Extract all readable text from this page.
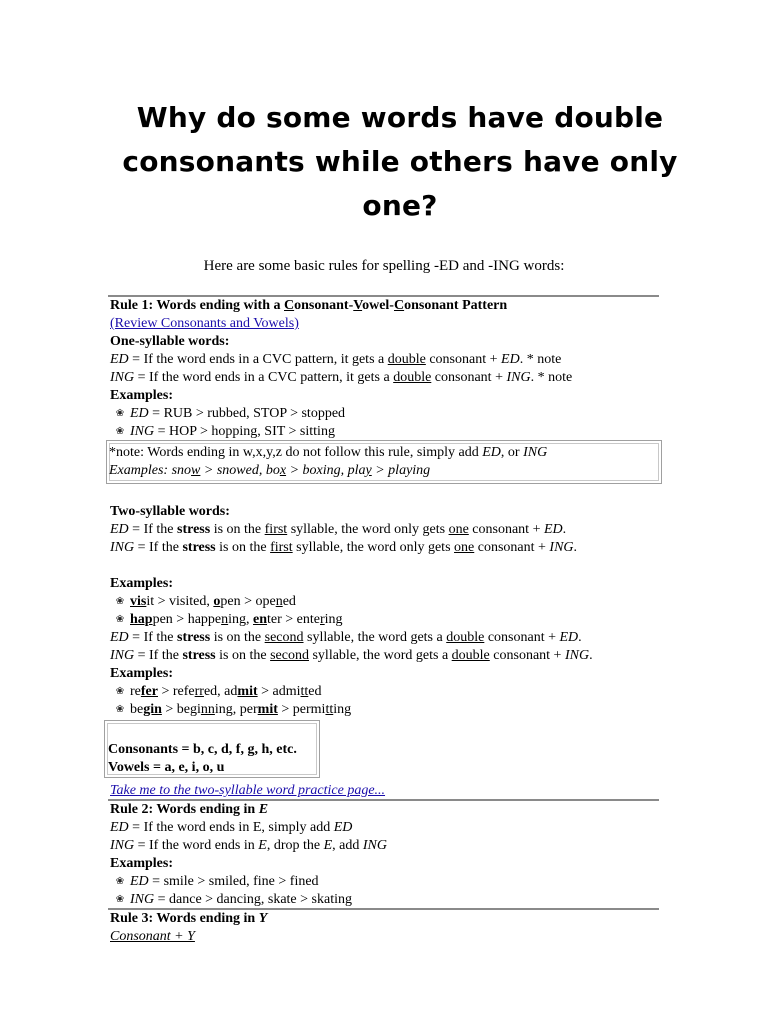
Why do some words have double
consonants while others have only
one?
Here are some basic rules for spelling -ED and -ING words:
Rule 1: Words ending with a Consonant-Vowel-Consonant Pattern
(Review Consonants and Vowels)
One-syllable words:
ED = If the word ends in a CVC pattern, it gets a double consonant + ED. * note
ING = If the word ends in a CVC pattern, it gets a double consonant + ING. * note
Examples:
❀ ED = RUB > rubbed, STOP > stopped
❀ ING = HOP > hopping, SIT > sitting
*note: Words ending in w,x,y,z do not follow this rule, simply add ED, or ING
Examples: snow > snowed, box > boxing, play > playing
Two-syllable words:
ED = If the stress is on the first syllable, the word only gets one consonant + ED.
ING = If the stress is on the first syllable, the word only gets one consonant + ING.
Examples:
❀ visit > visited, open > opened
❀ happen > happening, enter > entering
ED = If the stress is on the second syllable, the word gets a double consonant + ED.
ING = If the stress is on the second syllable, the word gets a double consonant + ING.
Examples:
❀ refer > referred, admit > admitted
❀ begin > beginning, permit > permitting
Consonants = b, c, d, f, g, h, etc.
Vowels = a, e, i, o, u
Take me to the two-syllable word practice page...
Rule 2: Words ending in E
ED = If the word ends in E, simply add ED
ING = If the word ends in E, drop the E, add ING
Examples:
❀ ED = smile > smiled, fine > fined
❀ ING = dance > dancing, skate > skating
Rule 3: Words ending in Y
Consonant + Y
